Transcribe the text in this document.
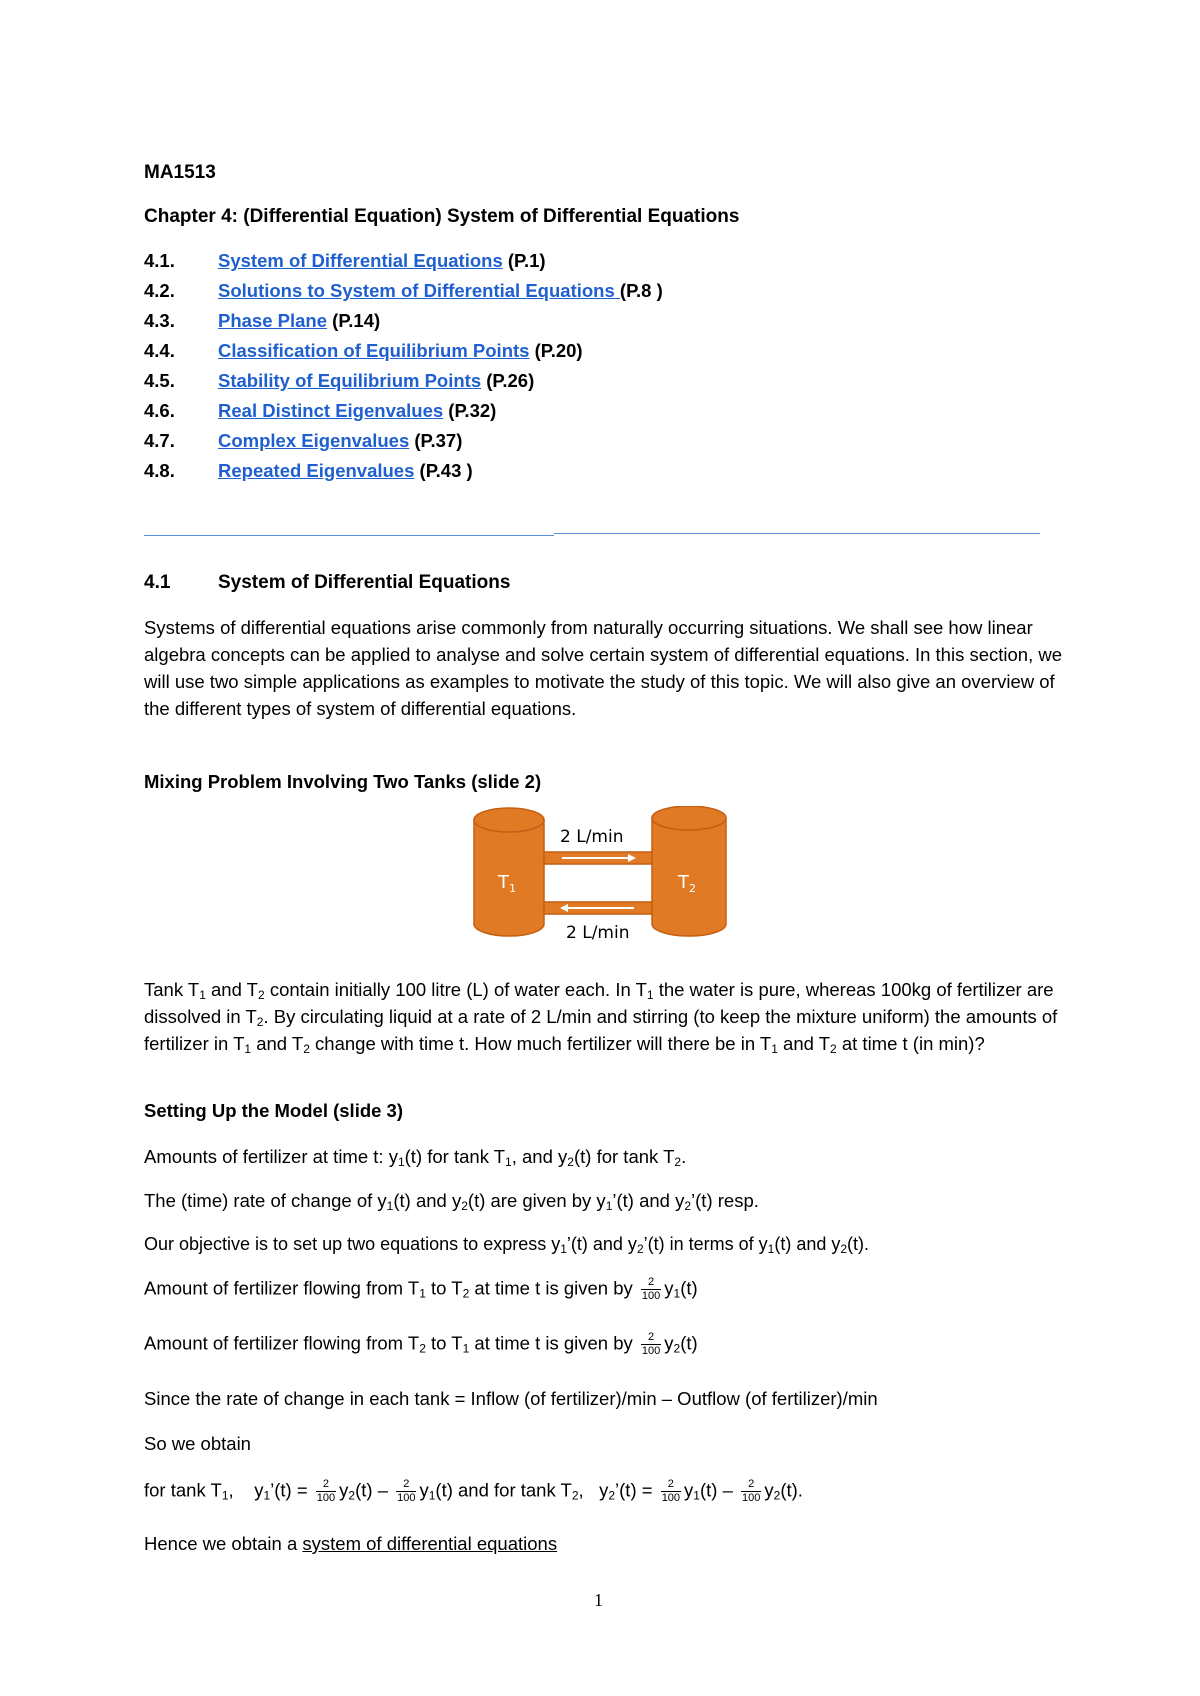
MA1513
Chapter 4: (Differential Equation) System of Differential Equations
4.1. System of Differential Equations (P.1)
4.2. Solutions to System of Differential Equations (P.8 )
4.3. Phase Plane (P.14)
4.4. Classification of Equilibrium Points (P.20)
4.5. Stability of Equilibrium Points (P.26)
4.6. Real Distinct Eigenvalues (P.32)
4.7. Complex Eigenvalues (P.37)
4.8. Repeated Eigenvalues (P.43 )
4.1	System of Differential Equations
Systems of differential equations arise commonly from naturally occurring situations. We shall see how linear algebra concepts can be applied to analyse and solve certain system of differential equations. In this section, we will use two simple applications as examples to motivate the study of this topic. We will also give an overview of the different types of system of differential equations.
Mixing Problem Involving Two Tanks (slide 2)
2 L/min
2 L/min
$T_1$	$T_2$
Tank $T_1$ and $T_2$ contain initially 100 litre (L) of water each. In $T_1$ the water is pure, whereas 100kg of fertilizer are dissolved in $T_2$. By circulating liquid at a rate of 2 L/min and stirring (to keep the mixture uniform) the amounts of fertilizer in $T_1$ and $T_2$ change with time t. How much fertilizer will there be in $T_1$ and $T_2$ at time t (in min)?
Setting Up the Model (slide 3)
Amounts of fertilizer at time t: $y_1(t)$ for tank $T_1$, and $y_2(t)$ for tank $T_2$.
The (time) rate of change of $y_1(t)$ and $y_2(t)$ are given by $y_1’(t)$ and $y_2’(t)$ resp.
Our objective is to set up two equations to express $y_1’(t)$ and $y_2’(t)$ in terms of $y_1(t)$ and $y_2(t)$.
Amount of fertilizer flowing from $T_1$ to $T_2$ at time t is given by $\frac{2}{100} y_1(t)$
Amount of fertilizer flowing from $T_2$ to $T_1$ at time t is given by $\frac{2}{100} y_2(t)$
Since the rate of change in each tank = Inflow (of fertilizer)/min – Outflow (of fertilizer)/min
So we obtain
for tank $T_1$,    $y_1’(t) = \frac{2}{100} y_2(t) - \frac{2}{100} y_1(t)$ and for tank $T_2$,   $y_2’(t) = \frac{2}{100} y_1(t) - \frac{2}{100} y_2(t)$.
Hence we obtain a system of differential equations
1
